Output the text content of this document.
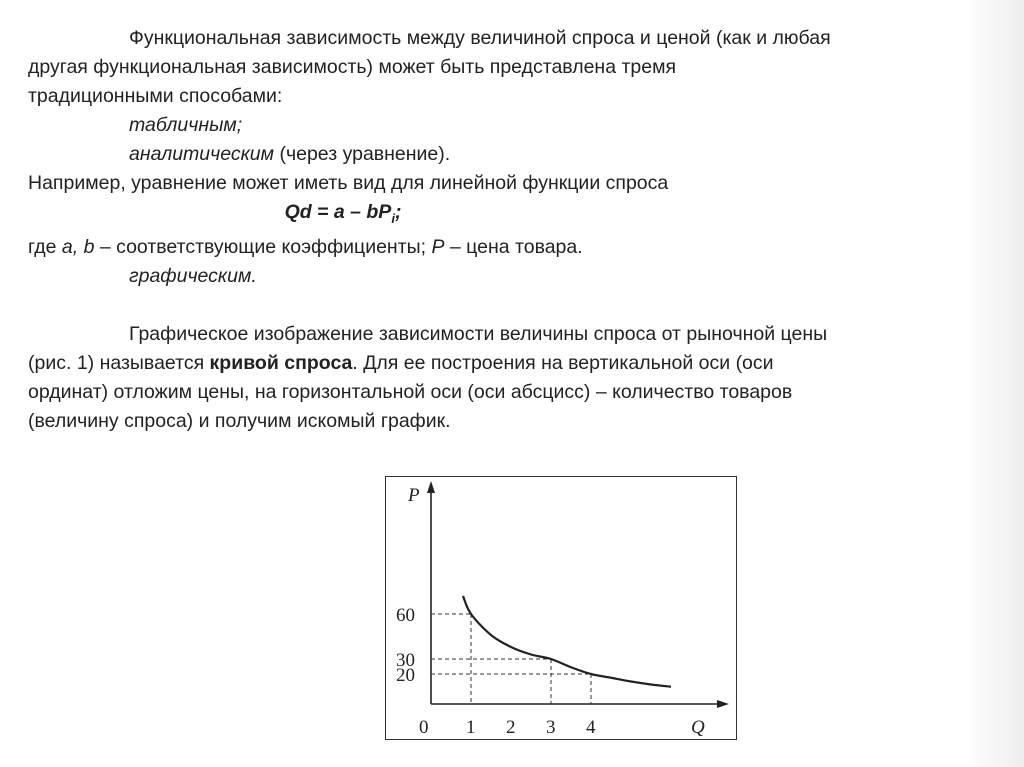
Функциональная зависимость между величиной спроса и ценой (как и любая

другая функциональная зависимость) может быть представлена тремя

традиционными способами:

табличным;

аналитическим (через уравнение).

Например, уравнение может иметь вид для линейной функции спроса

$Qd = a - bP_i$;

где a, b – соответствующие коэффициенты; P – цена товара.

графическим.

Графическое изображение зависимости величины спроса от рыночной цены

(рис. 1) называется кривой спроса. Для ее построения на вертикальной оси (оси

ординат) отложим цены, на горизонтальной оси (оси абсцисс) – количество товаров

(величину спроса) и получим искомый график.

P
Q
0 1 2 3 4
60
30
20
